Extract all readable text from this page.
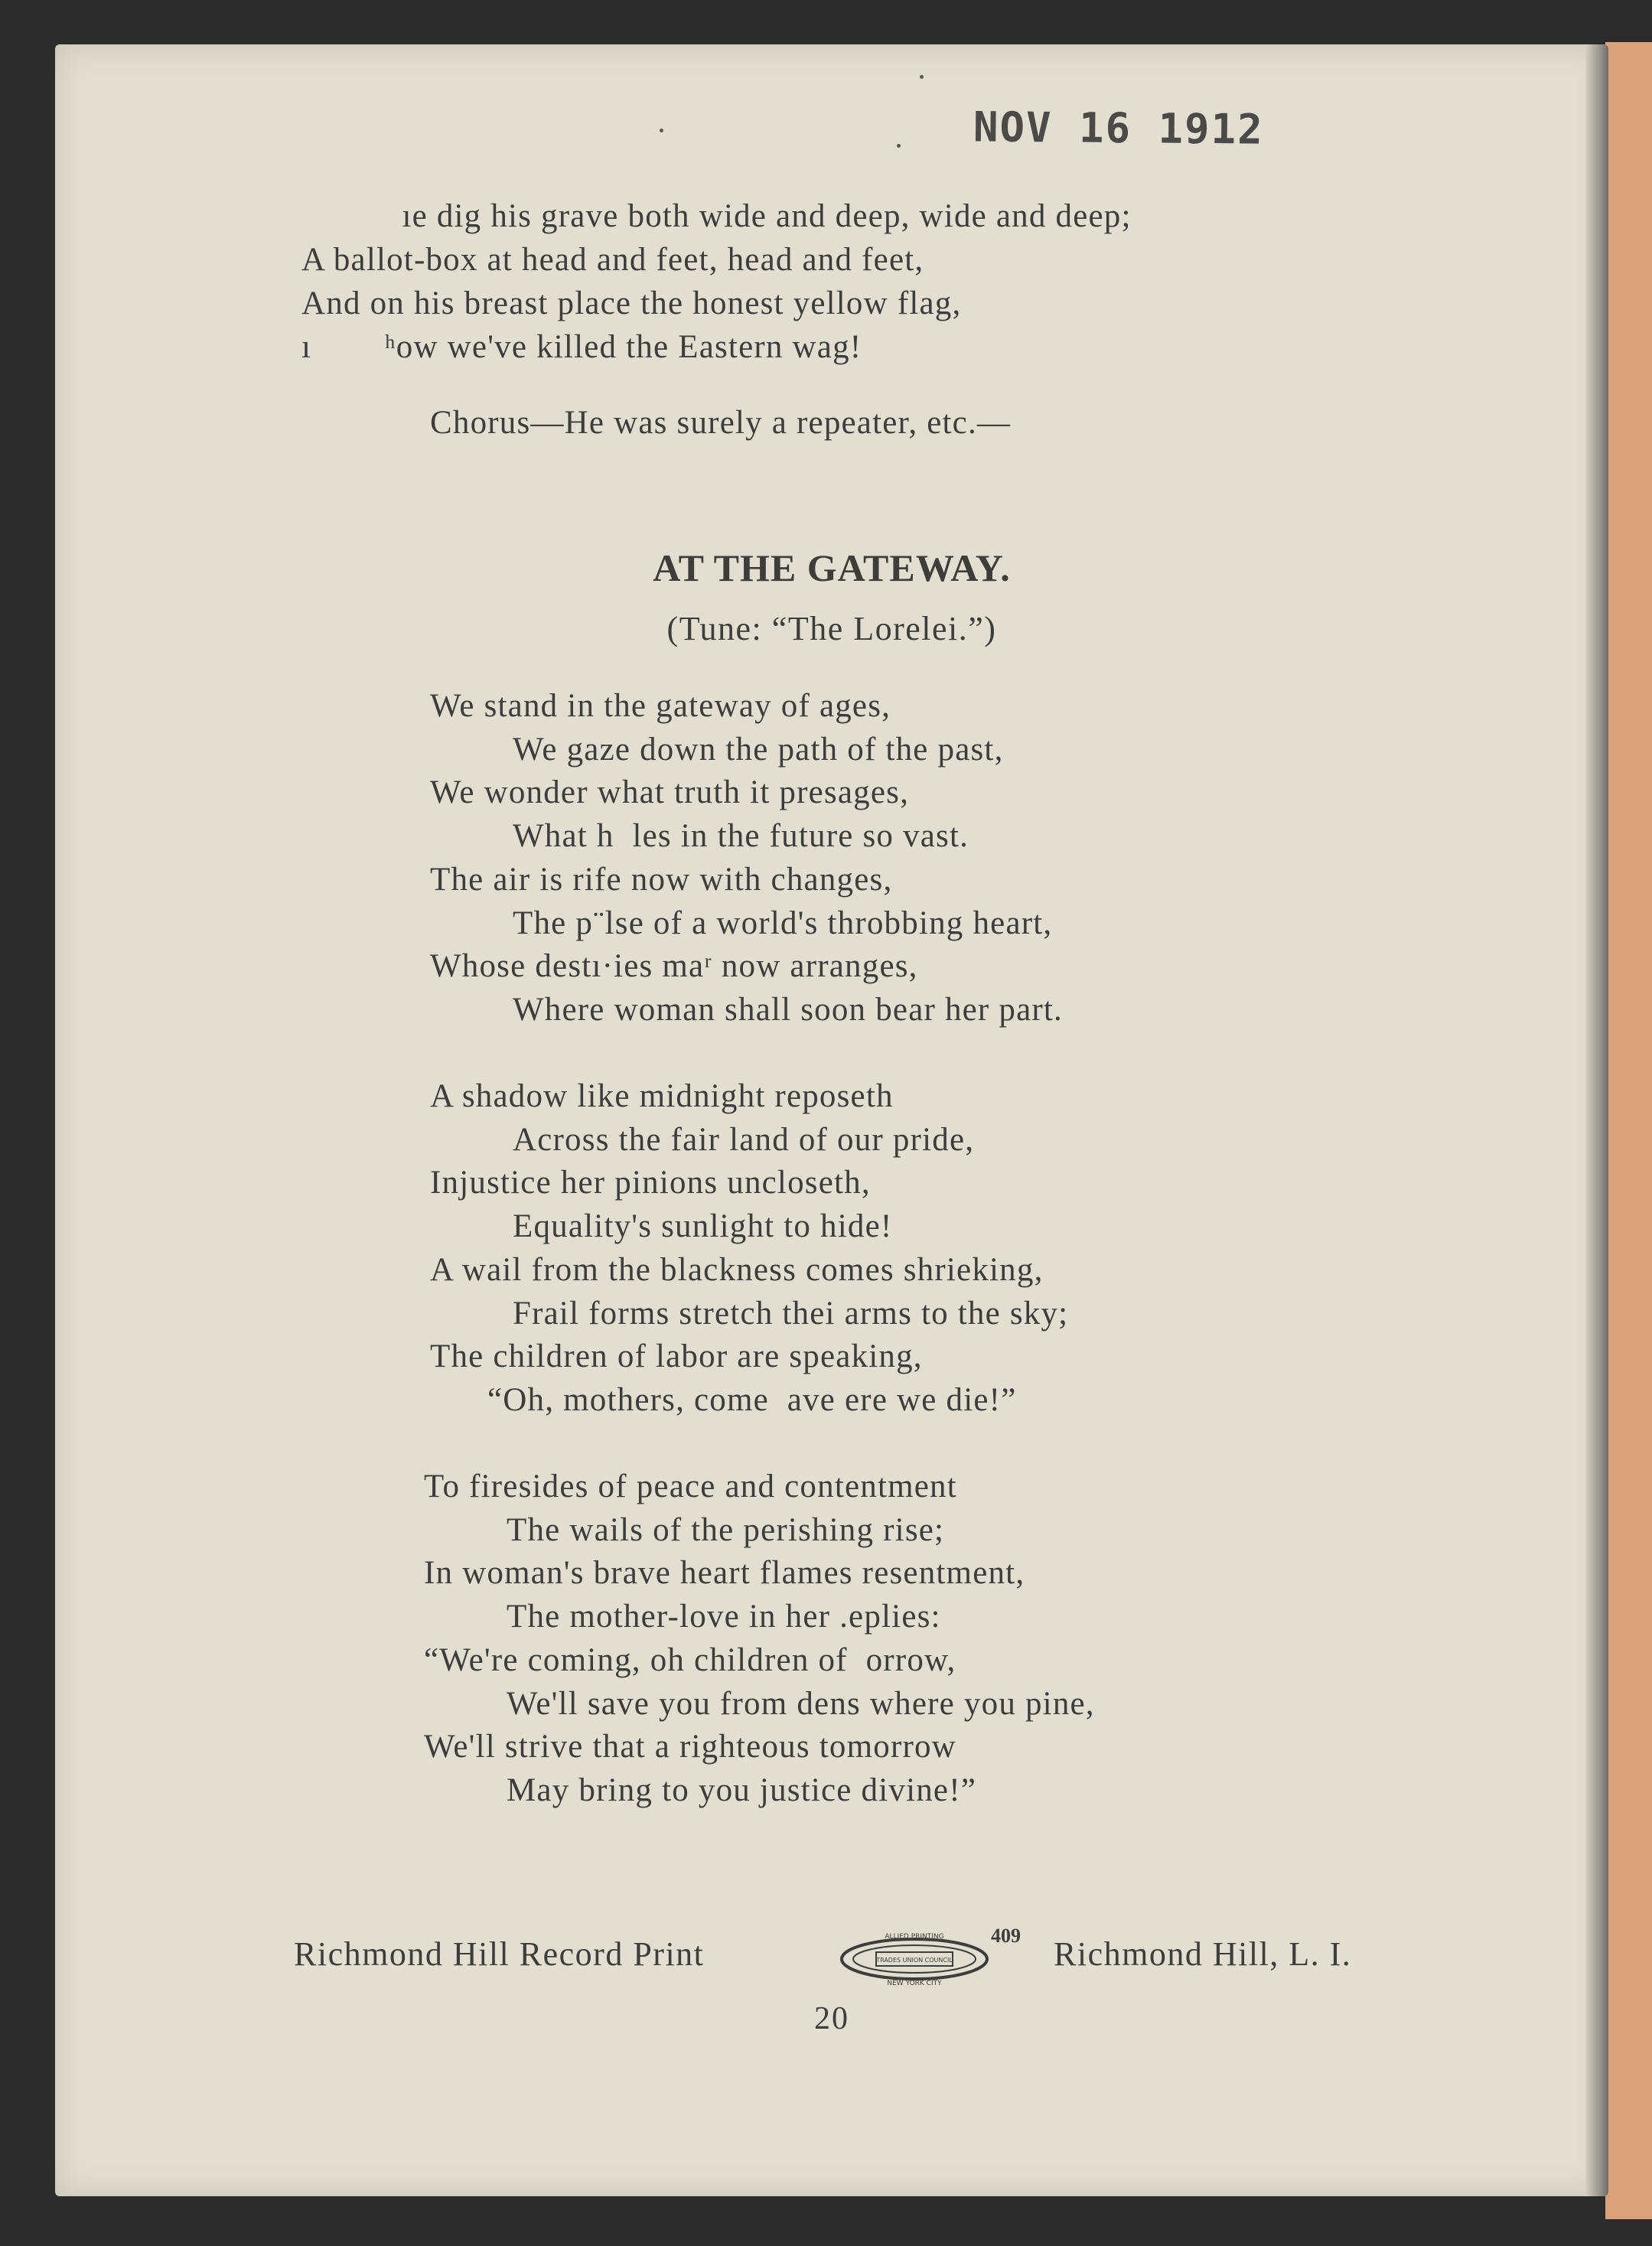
NOV 16 1912
ıe dig his grave both wide and deep, wide and deep;
A ballot-box at head and feet, head and feet,
And on his breast place the honest yellow flag,
ı        ʰow we've killed the Eastern wag!
Chorus—He was surely a repeater, etc.—
AT THE GATEWAY.
(Tune: “The Lorelei.”)
We stand in the gateway of ages,
We gaze down the path of the past,
We wonder what truth it presages,
What h  les in the future so vast.
The air is rife now with changes,
The p¨lse of a world's throbbing heart,
Whose destı·ies maʳ now arranges,
Where woman shall soon bear her part.
A shadow like midnight reposeth
Across the fair land of our pride,
Injustice her pinions uncloseth,
Equality's sunlight to hide!
A wail from the blackness comes shrieking,
Frail forms stretch thei arms to the sky;
The children of labor are speaking,
“Oh, mothers, come  ave ere we die!”
To firesides of peace and contentment
The wails of the perishing rise;
In woman's brave heart flames resentment,
The mother-love in her .eplies:
“We're coming, oh children of  orrow,
We'll save you from dens where you pine,
We'll strive that a righteous tomorrow
May bring to you justice divine!”
Richmond Hill Record Print	ALLIED PRINTING
TRADES UNION COUNCIL
NEW YORK CITY
409 Richmond Hill, L. I.
20
